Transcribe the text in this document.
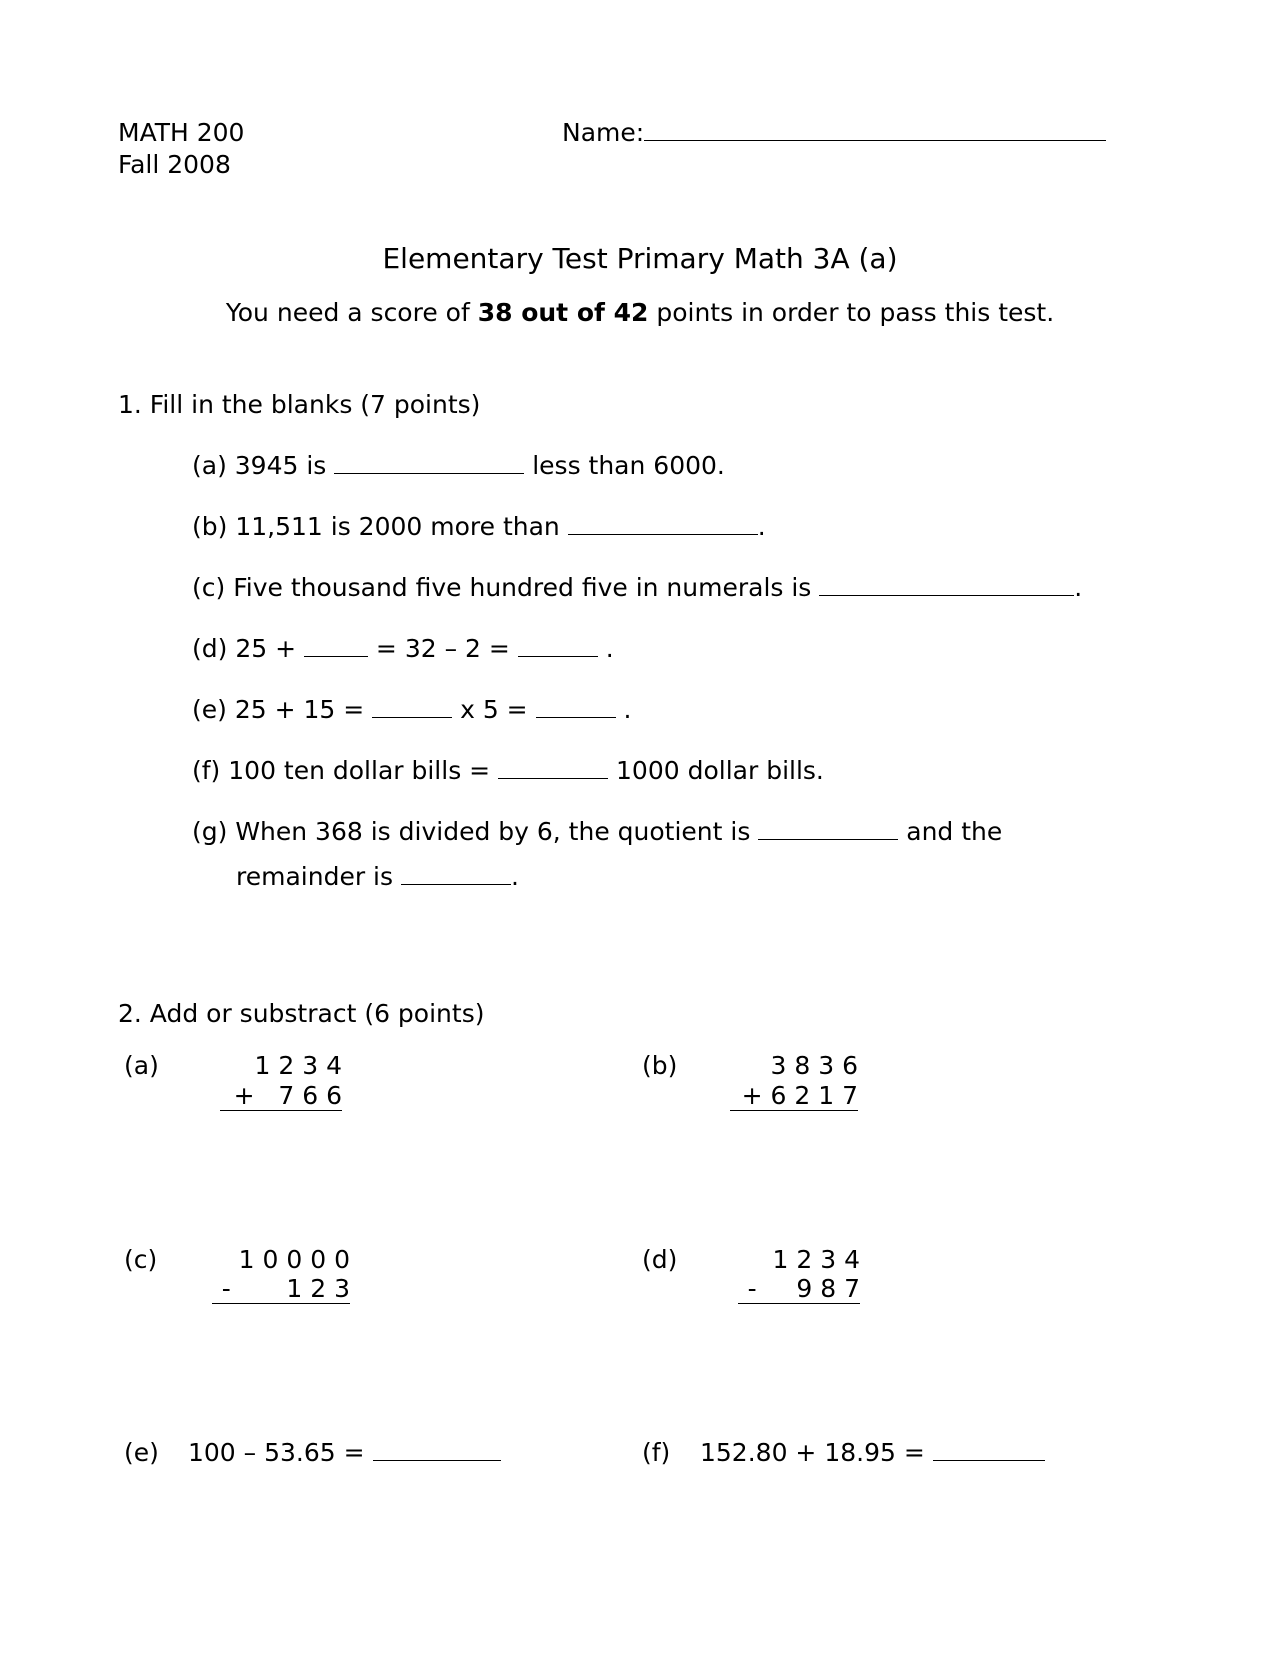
MATH 200
Fall 2008
Name:
Elementary Test Primary Math 3A (a)
You need a score of 38 out of 42 points in order to pass this test.
1. Fill in the blanks (7 points)
(a) 3945 is	less than 6000.
(b) 11,511 is 2000 more than	.
(c) Five thousand five hundred five in numerals is	.
(d) 25 +	= 32 – 2 =	.
(e) 25 + 15 =	x 5 =	.
(f) 100 ten dollar bills =	1000 dollar bills.
(g) When 368 is divided by 6, the quotient is	and the
remainder is	.
2. Add or substract (6 points)
(a)	1 2 3 4
+   7 6 6
(b)	3 8 3 6
+ 6 2 1 7
(c)	1 0 0 0 0
-       1 2 3
(d)	1 2 3 4
-     9 8 7
(e) 100 – 53.65 =	(f) 152.80 + 18.95 =
